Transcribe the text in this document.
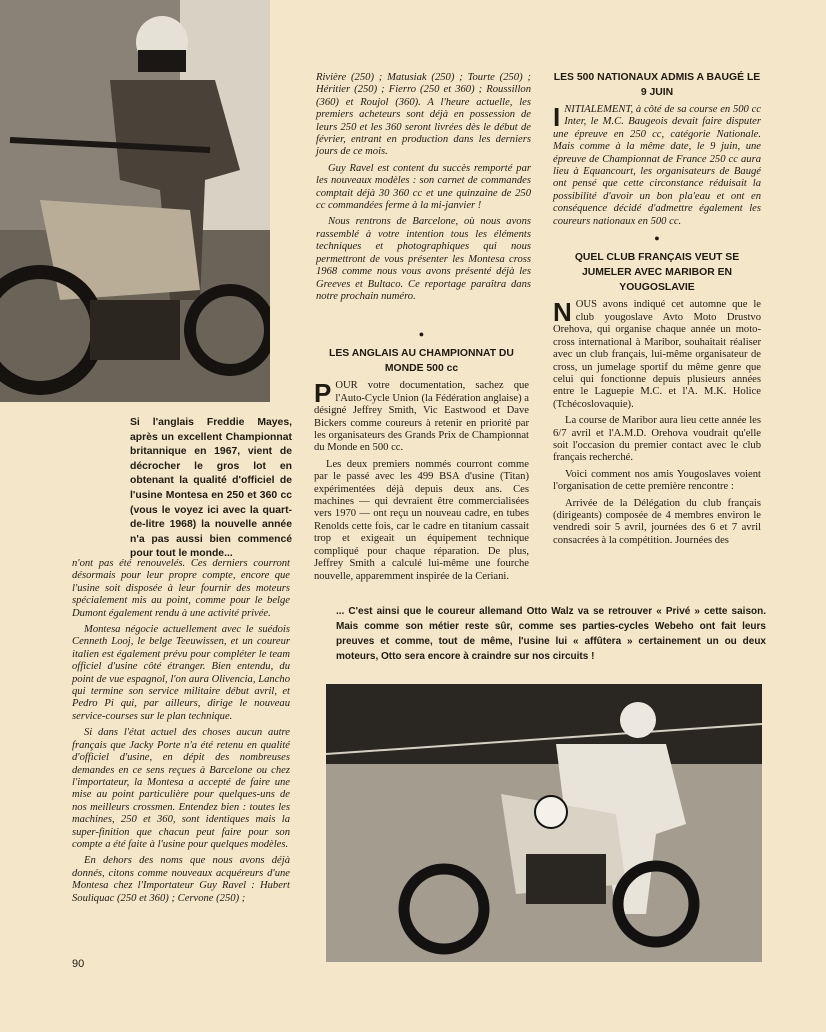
Si l'anglais Freddie Mayes, après un excellent Championnat britannique en 1967, vient de décrocher le gros lot en obtenant la qualité d'officiel de l'usine Montesa en 250 et 360 cc (vous le voyez ici avec la quart-de-litre 1968) la nouvelle année n'a pas aussi bien commencé pour tout le monde...

n'ont pas été renouvelés. Ces derniers courront désormais pour leur propre compte, encore que l'usine soit disposée à leur fournir des moteurs spécialement mis au point, comme pour le belge Dumont également rendu à une activité privée.

Montesa négocie actuellement avec le suédois Cenneth Looj, le belge Teeuwissen, et un coureur italien est également prévu pour compléter le team officiel d'usine côté étranger. Bien entendu, du point de vue espagnol, l'on aura Olivencia, Lancho qui termine son service militaire début avril, et Pedro Pi qui, par ailleurs, dirige le nouveau service-courses sur le plan technique.

Si dans l'état actuel des choses aucun autre français que Jacky Porte n'a été retenu en qualité d'officiel d'usine, en dépit des nombreuses demandes en ce sens reçues à Barcelone ou chez l'importateur, la Montesa a accepté de faire une mise au point particulière pour quelques-uns de nos meilleurs crossmen. Entendez bien : toutes les machines, 250 et 360, sont identiques mais la super-finition que chacun peut faire pour son compte a été faite à l'usine pour quelques modèles.

En dehors des noms que nous avons déjà donnés, citons comme nouveaux acquéreurs d'une Montesa chez l'Importateur Guy Ravel : Hubert Souliquac (250 et 360) ; Cervone (250) ;

Rivière (250) ; Matusiak (250) ; Tourte (250) ; Héritier (250) ; Fierro (250 et 360) ; Roussillon (360) et Roujol (360). A l'heure actuelle, les premiers acheteurs sont déjà en possession de leurs 250 et les 360 seront livrées dès le début de février, entrant en production dans les derniers jours de ce mois.

Guy Ravel est content du succès remporté par les nouveaux modèles : son carnet de commandes comptait déjà 30 360 cc et une quinzaine de 250 cc commandées ferme à la mi-janvier !

Nous rentrons de Barcelone, où nous avons rassemblé à votre intention tous les éléments techniques et photographiques qui nous permettront de vous présenter les Montesa cross 1968 comme nous vous avons présenté déjà les Greeves et Bultaco. Ce reportage paraîtra dans notre prochain numéro.

●

LES ANGLAIS AU CHAMPIONNAT DU MONDE 500 cc

POUR votre documentation, sachez que l'Auto-Cycle Union (la Fédération anglaise) a désigné Jeffrey Smith, Vic Eastwood et Dave Bickers comme coureurs à retenir en priorité par les organisateurs des Grands Prix de Championnat du Monde en 500 cc.

Les deux premiers nommés courront comme par le passé avec les 499 BSA d'usine (Titan) expérimentées déjà depuis deux ans. Ces machines — qui devraient être commercialisées vers 1970 — ont reçu un nouveau cadre, en tubes Renolds cette fois, car le cadre en titanium cassait trop et exigeait un équipement technique compliqué pour chaque réparation. De plus, Jeffrey Smith a calculé lui-même une fourche nouvelle, apparemment inspirée de la Ceriani.

LES 500 NATIONAUX ADMIS A BAUGÉ LE 9 JUIN

INITIALEMENT, à côté de sa course en 500 cc Inter, le M.C. Baugeois devait faire disputer une épreuve en 250 cc, catégorie Nationale. Mais comme à la même date, le 9 juin, une épreuve de Championnat de France 250 cc aura lieu à Equancourt, les organisateurs de Baugé ont pensé que cette circonstance réduisait la possibilité d'avoir un bon pla'eau et ont en conséquence décidé d'admettre également les coureurs nationaux en 500 cc.

●

QUEL CLUB FRANÇAIS VEUT SE JUMELER AVEC MARIBOR EN YOUGOSLAVIE

NOUS avons indiqué cet automne que le club yougoslave Avto Moto Drustvo Orehova, qui organise chaque année un moto-cross international à Maribor, souhaitait réaliser avec un club français, lui-même organisateur de cross, un jumelage sportif du même genre que celui qui fonctionne depuis plusieurs années entre le Laguepie M.C. et l'A. M.K. Holice (Tchécoslovaquie).

La course de Maribor aura lieu cette année les 6/7 avril et l'A.M.D. Orehova voudrait qu'elle soit l'occasion du premier contact avec le club français recherché.

Voici comment nos amis Yougoslaves voient l'organisation de cette première rencontre :

Arrivée de la Délégation du club français (dirigeants) composée de 4 membres environ le vendredi soir 5 avril, journées des 6 et 7 avril consacrées à la compétition. Journées des

... C'est ainsi que le coureur allemand Otto Walz va se retrouver « Privé » cette saison. Mais comme son métier reste sûr, comme ses parties-cycles Webeho ont fait leurs preuves et comme, tout de même, l'usine lui « affûtera » certainement un ou deux moteurs, Otto sera encore à craindre sur nos circuits !
90
